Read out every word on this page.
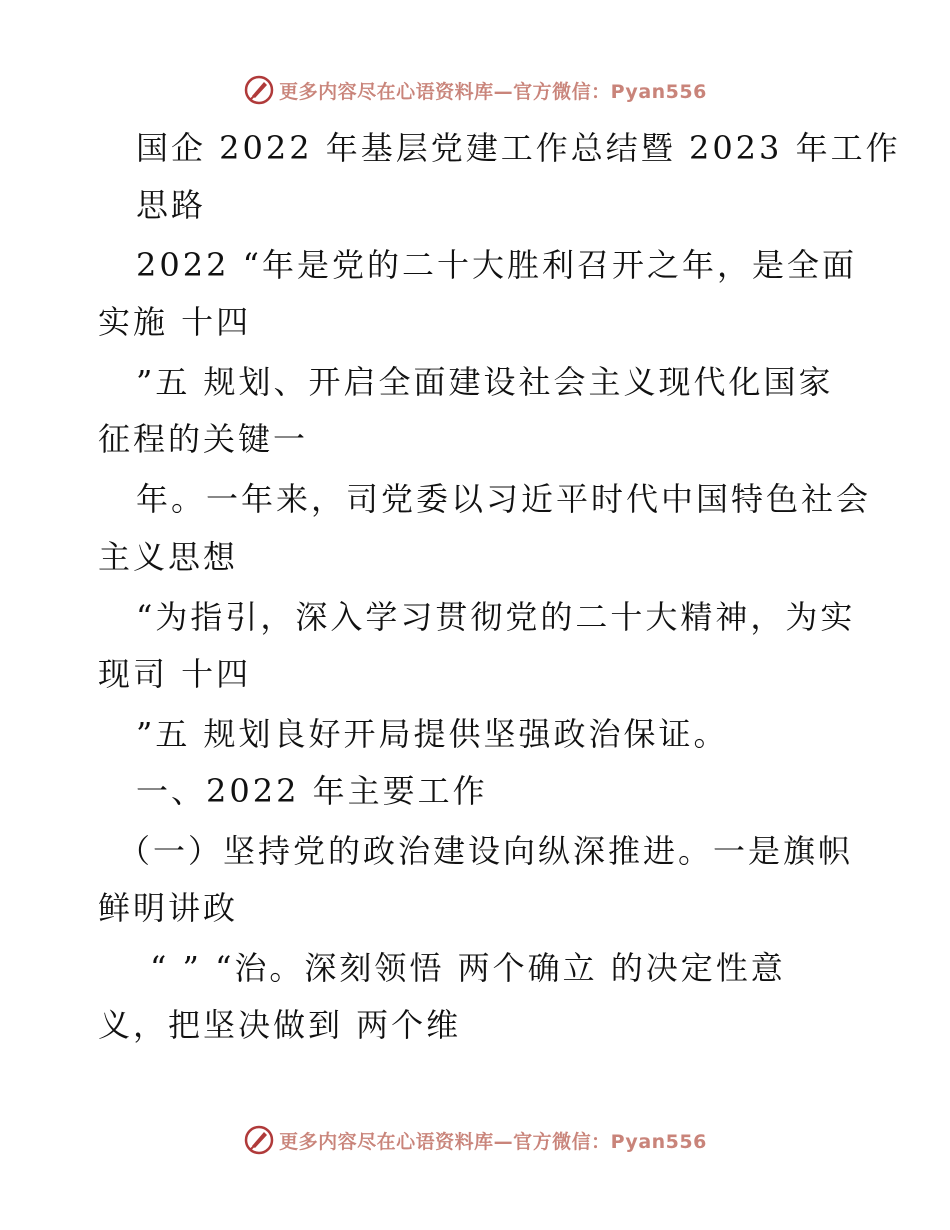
更多内容尽在心语资料库—官方微信：Pyan556
国企 2022 年基层党建工作总结暨 2023 年工作
思路
2022 “年是党的二十大胜利召开之年，是全面
实施 十四
”五 规划、开启全面建设社会主义现代化国家
征程的关键一
年。一年来，司党委以习近平时代中国特色社会
主义思想
“为指引，深入学习贯彻党的二十大精神，为实
现司 十四
”五 规划良好开局提供坚强政治保证。
一、2022 年主要工作
（一）坚持党的政治建设向纵深推进。一是旗帜
鲜明讲政
“ ” “治。深刻领悟 两个确立 的决定性意
义，把坚决做到 两个维
更多内容尽在心语资料库—官方微信：Pyan556
